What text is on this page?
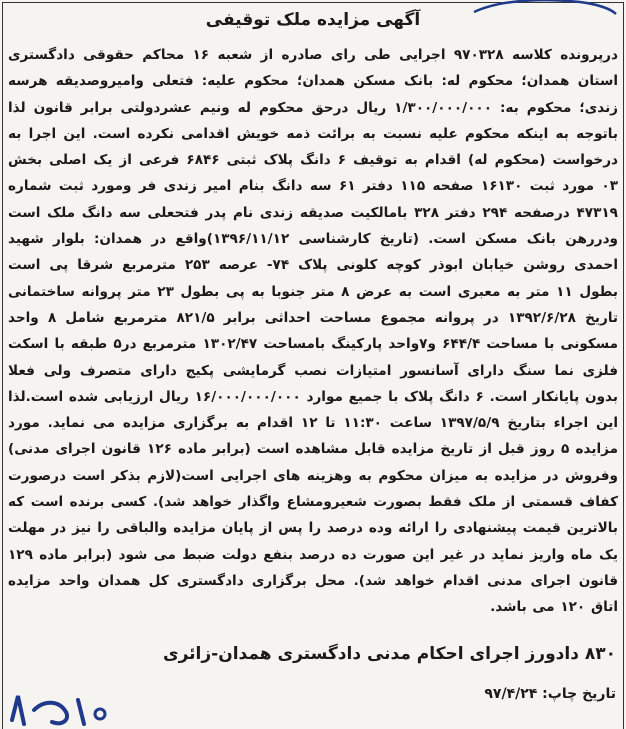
آگهی مزایده ملک توقیفی
درپرونده کلاسه ۹۷۰۳۲۸ اجرایی طی رای صادره از شعبه ۱۶ محاکم حقوقی دادگستری استان همدان؛ محکوم له: بانک مسکن همدان؛ محکوم علیه: فتعلی وامیروصدیقه هرسه زندی؛ محکوم به: ۱/۳۰۰/۰۰۰/۰۰۰ ریال درحق محکوم له ونیم عشردولتی برابر قانون لذا باتوجه به اینکه محکوم علیه نسبت به برائت ذمه خویش اقدامی نکرده است. این اجرا به درخواست (محکوم له) اقدام به توقیف ۶ دانگ پلاک ثبتی ۶۸۴۶ فرعی از یک اصلی بخش ۰۳ مورد ثبت ۱۶۱۳۰ صفحه ۱۱۵ دفتر ۶۱ سه دانگ بنام امیر زندی فر ومورد ثبت شماره ۴۷۳۱۹ درصفحه ۲۹۴ دفتر ۳۲۸ بامالکیت صدیقه زندی نام پدر فتحعلی سه دانگ ملک است ودررهن بانک مسکن است. (تاریخ کارشناسی ۱۳۹۶/۱۱/۱۲)واقع در همدان: بلوار شهید احمدی روشن خیابان ابوذر کوچه کلونی پلاک ۷۴- عرصه ۲۵۳ مترمربع شرقا پی است بطول ۱۱ متر به معبری است به عرض ۸ متر جنوبا به پی بطول ۲۳ متر پروانه ساختمانی تاریخ ۱۳۹۲/۶/۲۸ در پروانه مجموع مساحت احداثی برابر ۸۲۱/۵ مترمربع شامل ۸ واحد مسکونی با مساحت ۶۴۴/۴ و۷واحد پارکینگ بامساحت ۱۳۰۲/۴۷ مترمربع در۵ طبقه با اسکت فلزی نما سنگ دارای آسانسور امتیازات نصب گرمایشی پکیج دارای متصرف ولی فعلا بدون پایانکار است. ۶ دانگ پلاک با جمیع موارد ۱۶/۰۰۰/۰۰۰/۰۰۰ ریال ارزیابی شده است.لذا این اجراء بتاریخ ۱۳۹۷/۵/۹ ساعت ۱۱:۳۰ تا ۱۲ اقدام به برگزاری مزایده می نماید. مورد مزایده ۵ روز قبل از تاریخ مزایده قابل مشاهده است (برابر ماده ۱۲۶ قانون اجرای مدنی) وفروش در مزایده به میزان محکوم به وهزینه های اجرایی است(لازم بذکر است درصورت کفاف قسمتی از ملک فقط بصورت شعیرومشاع واگذار خواهد شد). کسی برنده است که بالاترین قیمت پیشنهادی را ارائه وده درصد را پس از پایان مزایده والباقی را نیز در مهلت یک ماه واریز نماید در غیر این صورت ده درصد بنفع دولت ضبط می شود (برابر ماده ۱۲۹ قانون اجرای مدنی اقدام خواهد شد). محل برگزاری دادگستری کل همدان واحد مزایده اتاق ۱۲۰ می باشد.
۸۳۰ دادورز اجرای احکام مدنی دادگستری همدان-زائری
تاریخ چاپ: ۹۷/۴/۲۴
